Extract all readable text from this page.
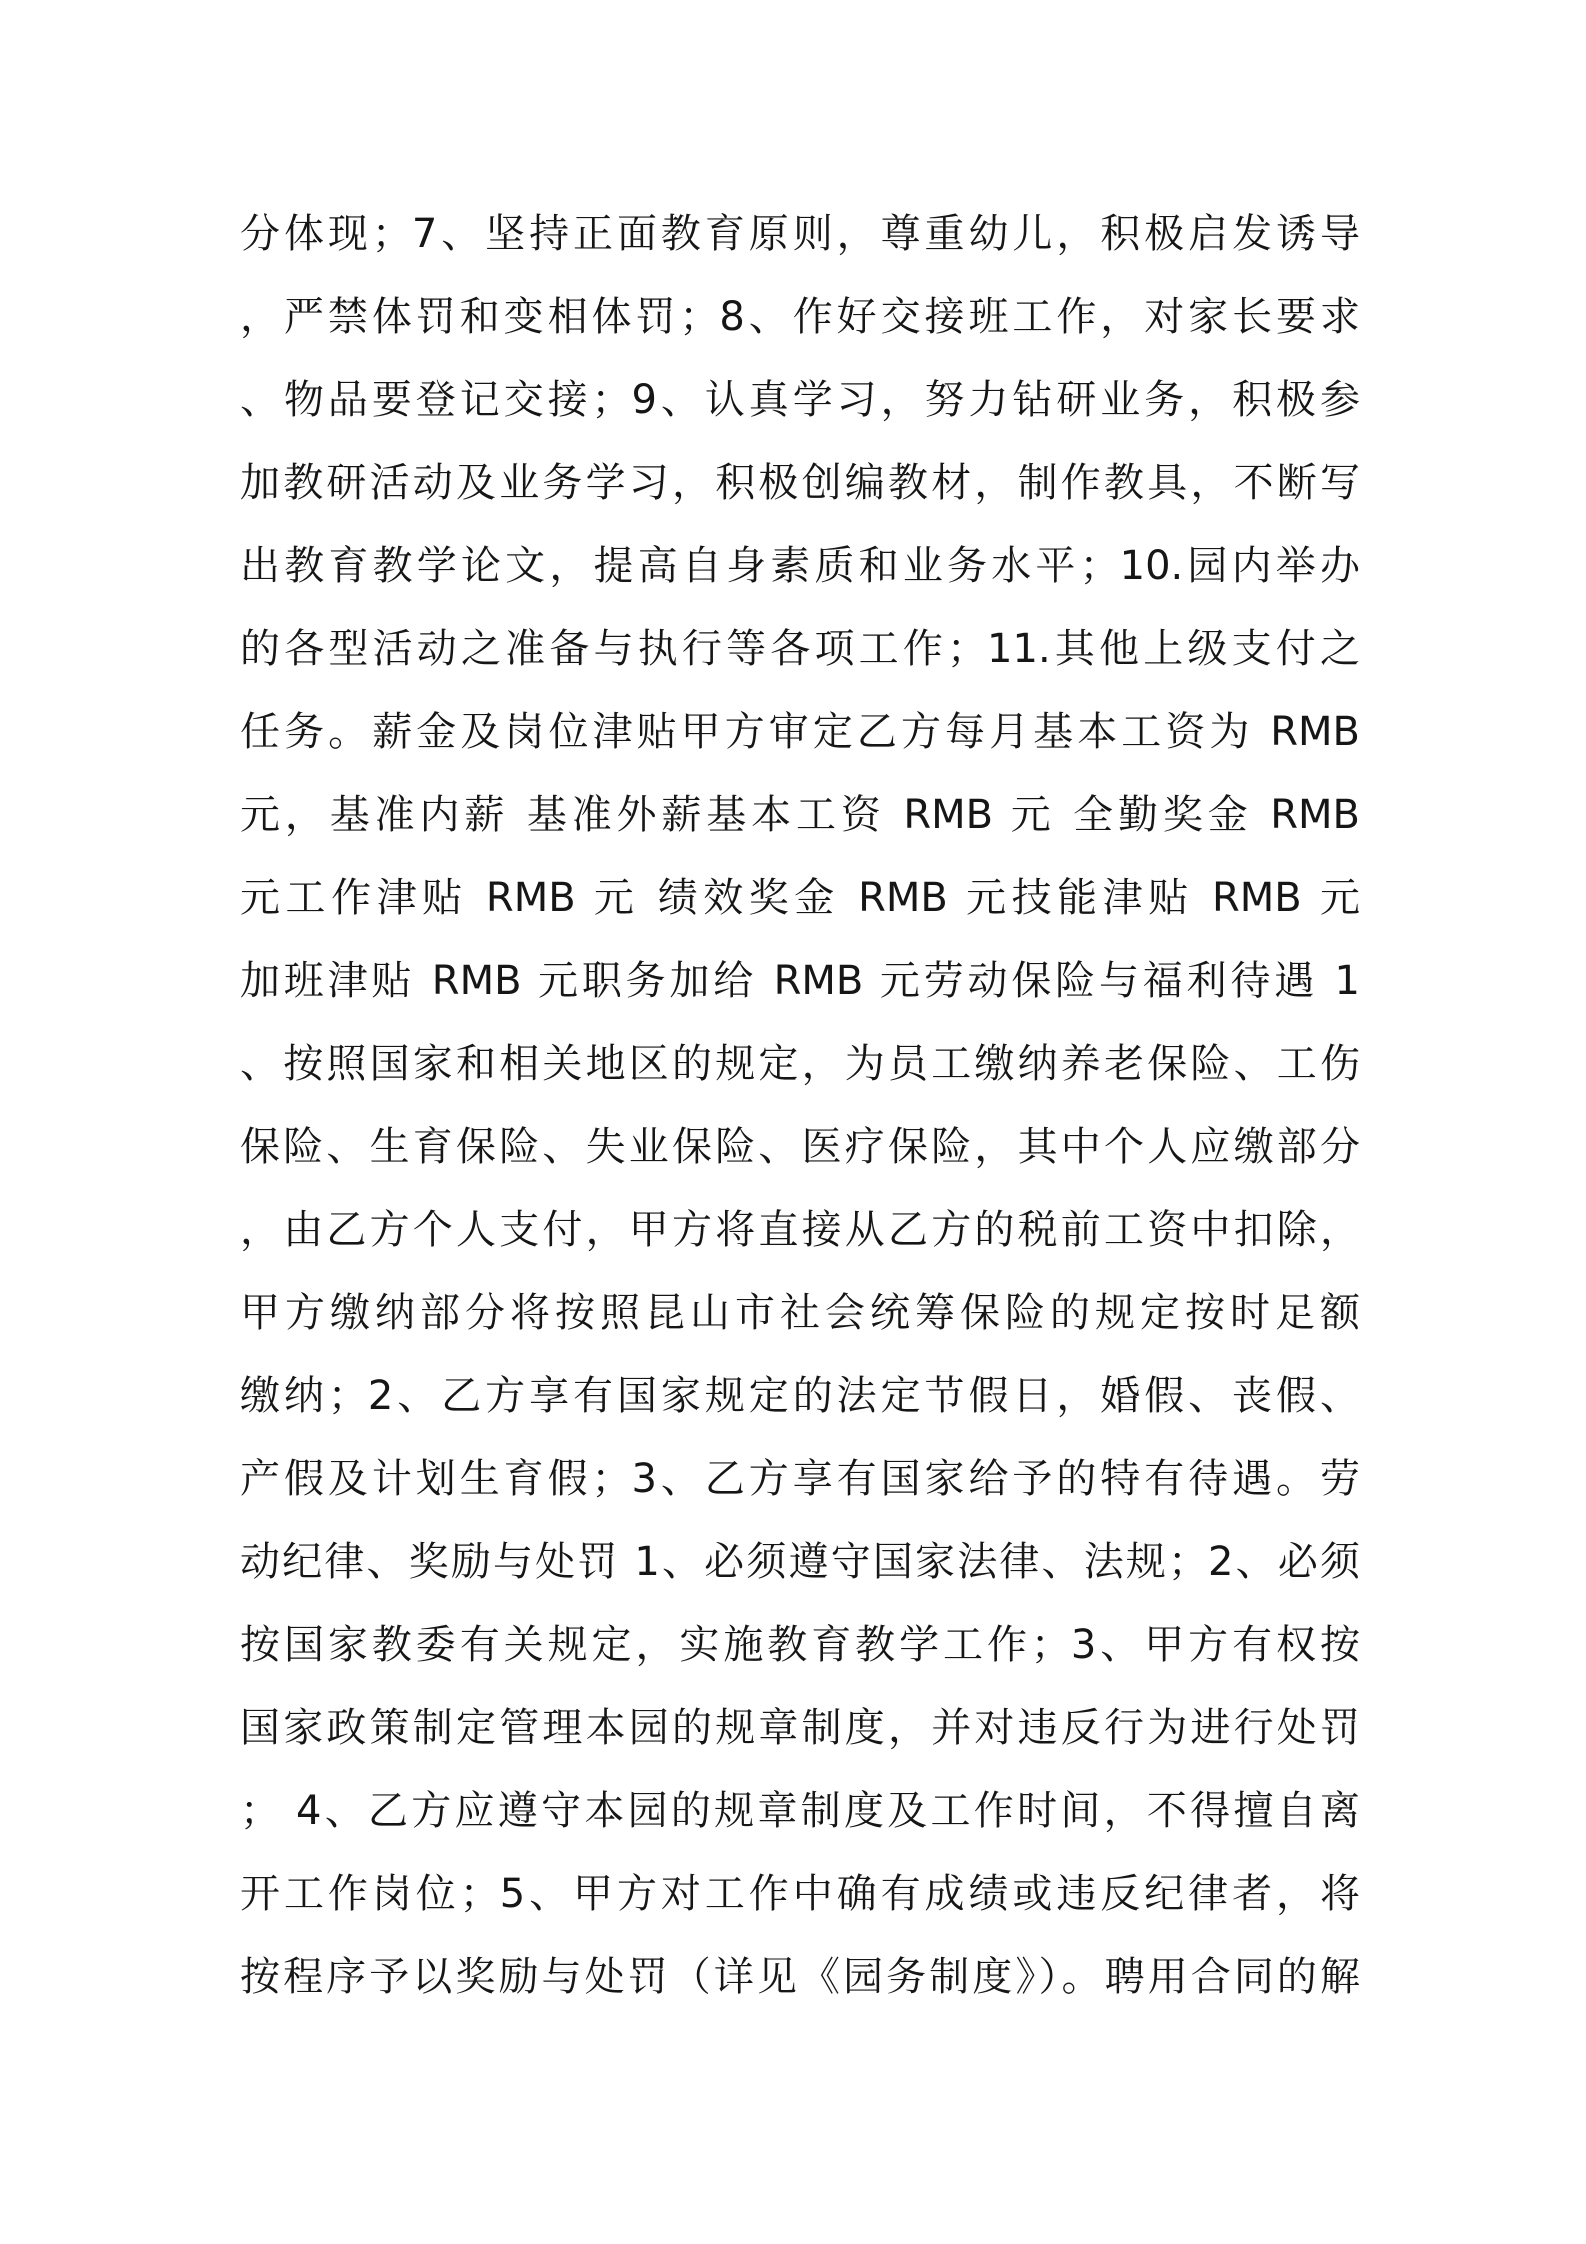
分体现；7、坚持正面教育原则，尊重幼儿，积极启发诱导
，严禁体罚和变相体罚；8、作好交接班工作，对家长要求
、物品要登记交接；9、认真学习，努力钻研业务，积极参
加教研活动及业务学习，积极创编教材，制作教具，不断写
出教育教学论文，提高自身素质和业务水平；10.园内举办
的各型活动之准备与执行等各项工作；11.其他上级支付之
任务。薪金及岗位津贴甲方审定乙方每月基本工资为 RMB
元，基准内薪 基准外薪基本工资 RMB 元 全勤奖金 RMB
元工作津贴 RMB 元 绩效奖金 RMB 元技能津贴 RMB 元
加班津贴 RMB 元职务加给 RMB 元劳动保险与福利待遇 1
、按照国家和相关地区的规定，为员工缴纳养老保险、工伤
保险、生育保险、失业保险、医疗保险，其中个人应缴部分
，由乙方个人支付，甲方将直接从乙方的税前工资中扣除，
甲方缴纳部分将按照昆山市社会统筹保险的规定按时足额
缴纳；2、乙方享有国家规定的法定节假日，婚假、丧假、
产假及计划生育假；3、乙方享有国家给予的特有待遇。劳
动纪律、奖励与处罚 1、必须遵守国家法律、法规；2、必须
按国家教委有关规定，实施教育教学工作；3、甲方有权按
国家政策制定管理本园的规章制度，并对违反行为进行处罚
； 4、乙方应遵守本园的规章制度及工作时间，不得擅自离
开工作岗位；5、甲方对工作中确有成绩或违反纪律者，将
按程序予以奖励与处罚（详见《园务制度》）。聘用合同的解
